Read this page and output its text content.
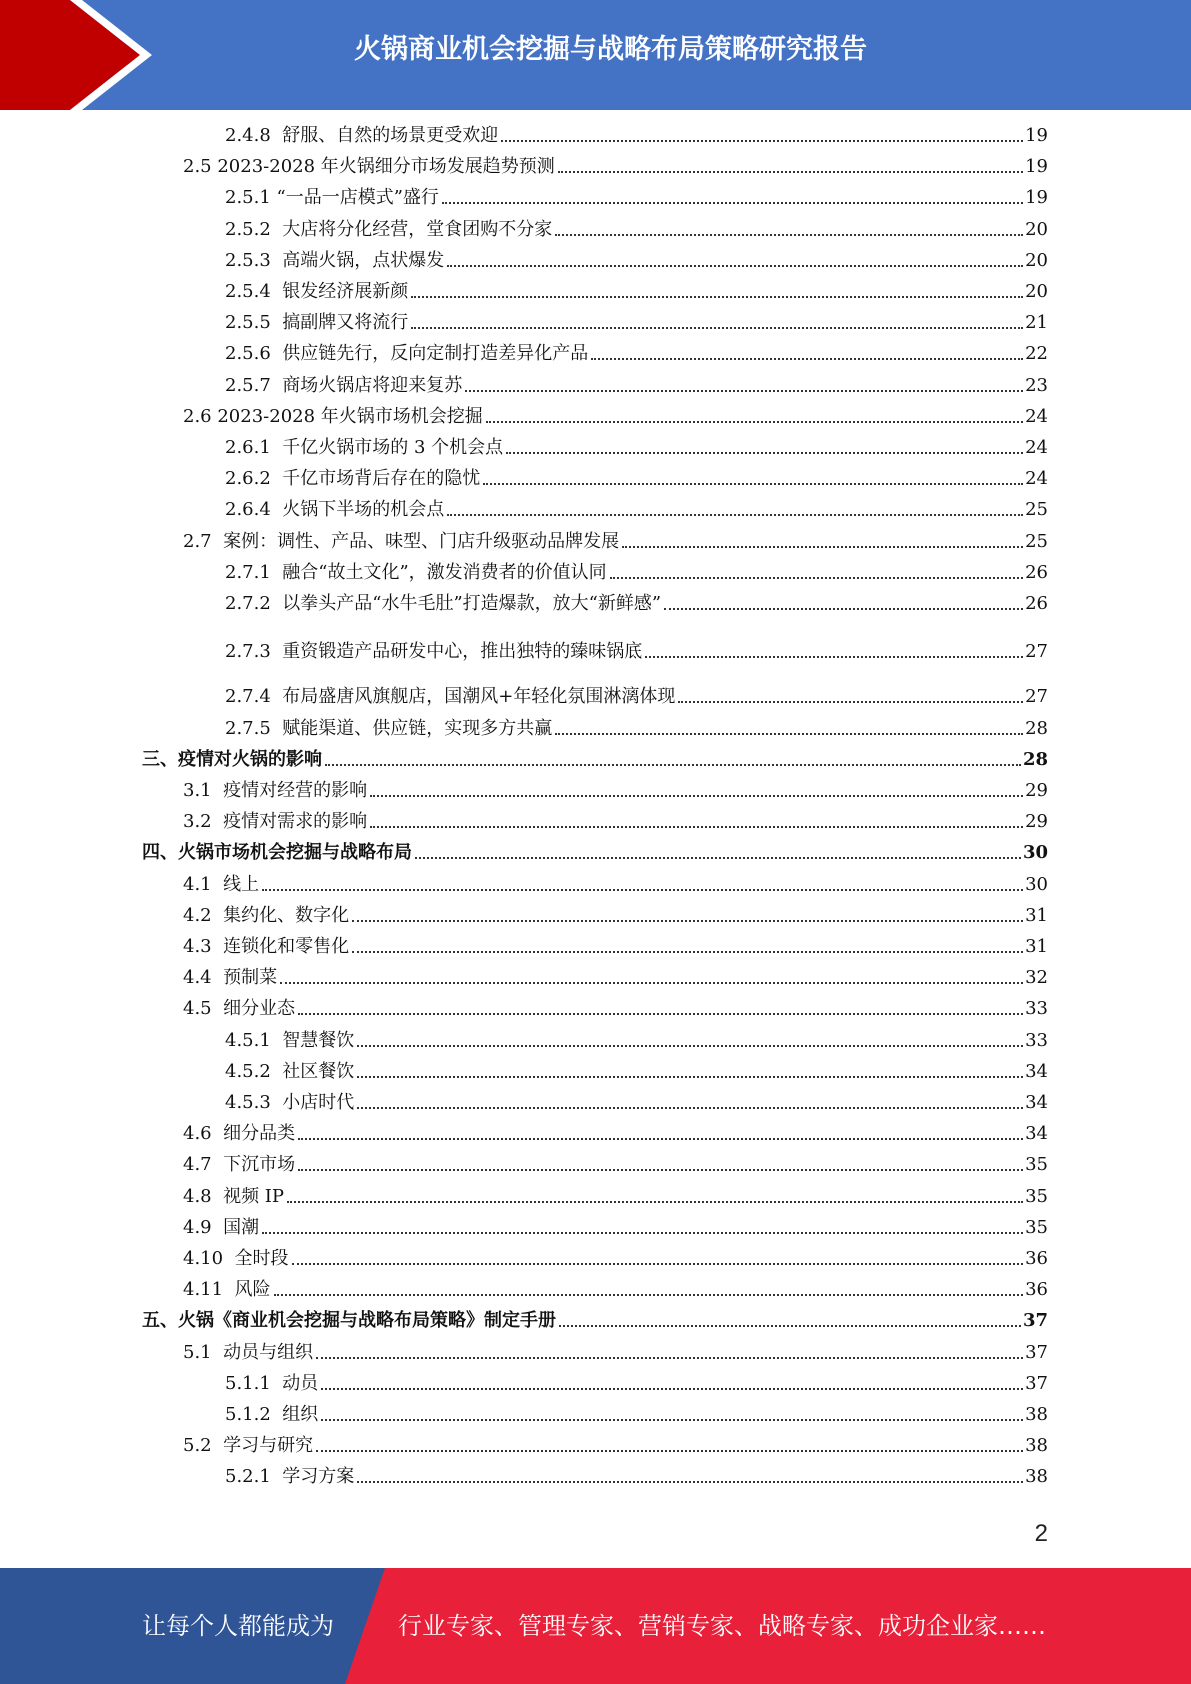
火锅商业机会挖掘与战略布局策略研究报告
2.4.8  舒服、自然的场景更受欢迎	19
2.5 2023-2028 年火锅细分市场发展趋势预测	19
2.5.1 “一品一店模式”盛行	19
2.5.2  大店将分化经营，堂食团购不分家	20
2.5.3  高端火锅，点状爆发	20
2.5.4  银发经济展新颜	20
2.5.5  搞副牌又将流行	21
2.5.6  供应链先行，反向定制打造差异化产品	22
2.5.7  商场火锅店将迎来复苏	23
2.6 2023-2028 年火锅市场机会挖掘	24
2.6.1  千亿火锅市场的 3 个机会点	24
2.6.2  千亿市场背后存在的隐忧	24
2.6.4  火锅下半场的机会点	25
2.7  案例：调性、产品、味型、门店升级驱动品牌发展	25
2.7.1  融合“故土文化”，激发消费者的价值认同	26
2.7.2  以拳头产品“水牛毛肚”打造爆款，放大“新鲜感”	26
2.7.3  重资锻造产品研发中心，推出独特的臻味锅底	27
2.7.4  布局盛唐风旗舰店，国潮风+年轻化氛围淋漓体现	27
2.7.5  赋能渠道、供应链，实现多方共赢	28
三、疫情对火锅的影响	28
3.1  疫情对经营的影响	29
3.2  疫情对需求的影响	29
四、火锅市场机会挖掘与战略布局	30
4.1  线上	30
4.2  集约化、数字化	31
4.3  连锁化和零售化	31
4.4  预制菜	32
4.5  细分业态	33
4.5.1  智慧餐饮	33
4.5.2  社区餐饮	34
4.5.3  小店时代	34
4.6  细分品类	34
4.7  下沉市场	35
4.8  视频 IP	35
4.9  国潮	35
4.10  全时段	36
4.11  风险	36
五、火锅《商业机会挖掘与战略布局策略》制定手册	37
5.1  动员与组织	37
5.1.1  动员	37
5.1.2  组织	38
5.2  学习与研究	38
5.2.1  学习方案	38
2
让每个人都能成为	行业专家、管理专家、营销专家、战略专家、成功企业家……
